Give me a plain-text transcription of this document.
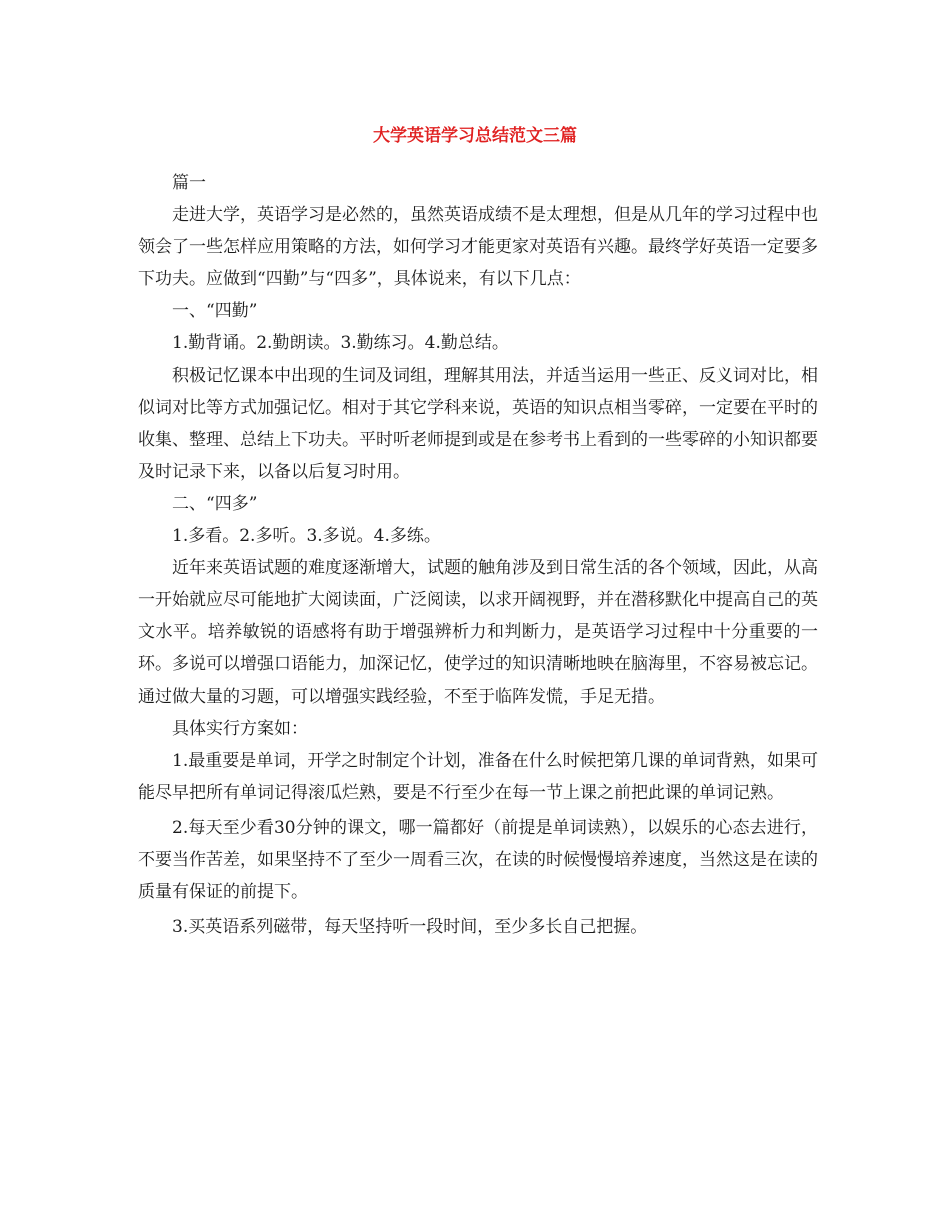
大学英语学习总结范文三篇

篇一

走进大学，英语学习是必然的，虽然英语成绩不是太理想，但是从几年的学习过程中也领会了一些怎样应用策略的方法，如何学习才能更家对英语有兴趣。最终学好英语一定要多下功夫。应做到“四勤”与“四多”，具体说来，有以下几点：

一、“四勤”

1.勤背诵。2.勤朗读。3.勤练习。4.勤总结。

积极记忆课本中出现的生词及词组，理解其用法，并适当运用一些正、反义词对比，相似词对比等方式加强记忆。相对于其它学科来说，英语的知识点相当零碎，一定要在平时的收集、整理、总结上下功夫。平时听老师提到或是在参考书上看到的一些零碎的小知识都要及时记录下来，以备以后复习时用。

二、“四多”

1.多看。2.多听。3.多说。4.多练。

近年来英语试题的难度逐渐增大，试题的触角涉及到日常生活的各个领域，因此，从高一开始就应尽可能地扩大阅读面，广泛阅读，以求开阔视野，并在潜移默化中提高自己的英文水平。培养敏锐的语感将有助于增强辨析力和判断力，是英语学习过程中十分重要的一环。多说可以增强口语能力，加深记忆，使学过的知识清晰地映在脑海里，不容易被忘记。通过做大量的习题，可以增强实践经验，不至于临阵发慌，手足无措。

具体实行方案如：

1.最重要是单词，开学之时制定个计划，准备在什么时候把第几课的单词背熟，如果可能尽早把所有单词记得滚瓜烂熟，要是不行至少在每一节上课之前把此课的单词记熟。

2.每天至少看30分钟的课文，哪一篇都好（前提是单词读熟），以娱乐的心态去进行，不要当作苦差，如果坚持不了至少一周看三次，在读的时候慢慢培养速度，当然这是在读的质量有保证的前提下。

3.买英语系列磁带，每天坚持听一段时间，至少多长自己把握。
